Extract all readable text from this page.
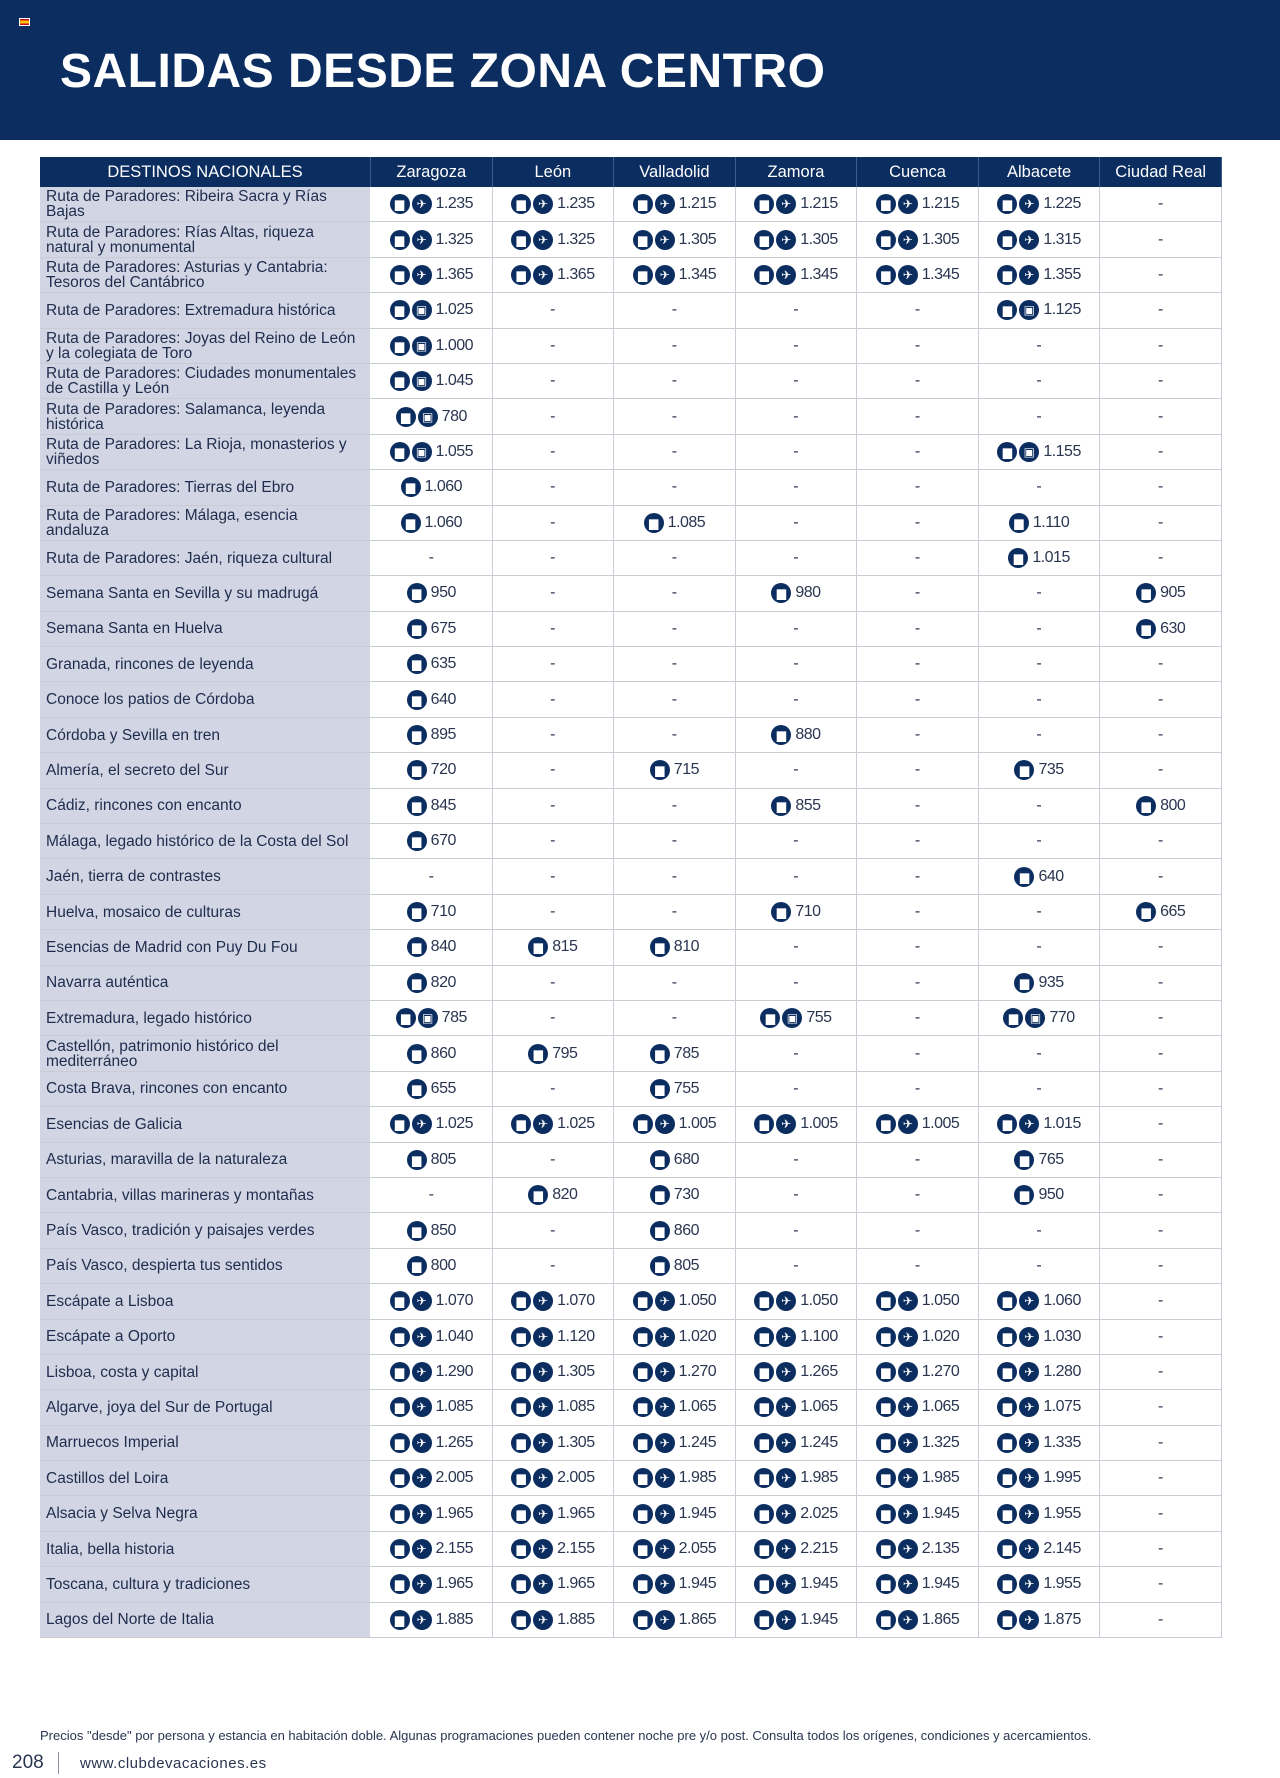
SALIDAS DESDE ZONA CENTRO
DESTINOS NACIONALES	Zaragoza	León	Valladolid	Zamora	Cuenca	Albacete	Ciudad Real
Ruta de Paradores: Ribeira Sacra y Rías Bajas	▆ ✈ 1.235	▆ ✈ 1.235	▆ ✈ 1.215	▆ ✈ 1.215	▆ ✈ 1.215	▆ ✈ 1.225	-

Ruta de Paradores: Rías Altas, riqueza natural y monumental	▆ ✈ 1.325	▆ ✈ 1.325	▆ ✈ 1.305	▆ ✈ 1.305	▆ ✈ 1.305	▆ ✈ 1.315	-

Ruta de Paradores: Asturias y Cantabria: Tesoros del Cantábrico	▆ ✈ 1.365	▆ ✈ 1.365	▆ ✈ 1.345	▆ ✈ 1.345	▆ ✈ 1.345	▆ ✈ 1.355	-

Ruta de Paradores: Extremadura histórica	▆ ▣ 1.025	-	-	-	-	▆ ▣ 1.125	-

Ruta de Paradores: Joyas del Reino de León y la colegiata de Toro	▆ ▣ 1.000	-	-	-	-	-	-

Ruta de Paradores: Ciudades monumentales de Castilla y León	▆ ▣ 1.045	-	-	-	-	-	-

Ruta de Paradores: Salamanca, leyenda histórica	▆ ▣ 780	-	-	-	-	-	-

Ruta de Paradores: La Rioja, monasterios y viñedos	▆ ▣ 1.055	-	-	-	-	▆ ▣ 1.155	-

Ruta de Paradores: Tierras del Ebro	▆ 1.060	-	-	-	-	-	-

Ruta de Paradores: Málaga, esencia andaluza	▆ 1.060	-	▆ 1.085	-	-	▆ 1.110	-

Ruta de Paradores: Jaén, riqueza cultural	-	-	-	-	-	▆ 1.015	-

Semana Santa en Sevilla y su madrugá	▆ 950	-	-	▆ 980	-	-	▆ 905

Semana Santa en Huelva	▆ 675	-	-	-	-	-	▆ 630

Granada, rincones de leyenda	▆ 635	-	-	-	-	-	-

Conoce los patios de Córdoba	▆ 640	-	-	-	-	-	-

Córdoba y Sevilla en tren	▆ 895	-	-	▆ 880	-	-	-

Almería, el secreto del Sur	▆ 720	-	▆ 715	-	-	▆ 735	-

Cádiz, rincones con encanto	▆ 845	-	-	▆ 855	-	-	▆ 800

Málaga, legado histórico de la Costa del Sol	▆ 670	-	-	-	-	-	-

Jaén, tierra de contrastes	-	-	-	-	-	▆ 640	-

Huelva, mosaico de culturas	▆ 710	-	-	▆ 710	-	-	▆ 665

Esencias de Madrid con Puy Du Fou	▆ 840	▆ 815	▆ 810	-	-	-	-

Navarra auténtica	▆ 820	-	-	-	-	▆ 935	-

Extremadura, legado histórico	▆ ▣ 785	-	-	▆ ▣ 755	-	▆ ▣ 770	-

Castellón, patrimonio histórico del mediterráneo	▆ 860	▆ 795	▆ 785	-	-	-	-

Costa Brava, rincones con encanto	▆ 655	-	▆ 755	-	-	-	-

Esencias de Galicia	▆ ✈ 1.025	▆ ✈ 1.025	▆ ✈ 1.005	▆ ✈ 1.005	▆ ✈ 1.005	▆ ✈ 1.015	-

Asturias, maravilla de la naturaleza	▆ 805	-	▆ 680	-	-	▆ 765	-

Cantabria, villas marineras y montañas	-	▆ 820	▆ 730	-	-	▆ 950	-

País Vasco, tradición y paisajes verdes	▆ 850	-	▆ 860	-	-	-	-

País Vasco, despierta tus sentidos	▆ 800	-	▆ 805	-	-	-	-

Escápate a Lisboa	▆ ✈ 1.070	▆ ✈ 1.070	▆ ✈ 1.050	▆ ✈ 1.050	▆ ✈ 1.050	▆ ✈ 1.060	-

Escápate a Oporto	▆ ✈ 1.040	▆ ✈ 1.120	▆ ✈ 1.020	▆ ✈ 1.100	▆ ✈ 1.020	▆ ✈ 1.030	-

Lisboa, costa y capital	▆ ✈ 1.290	▆ ✈ 1.305	▆ ✈ 1.270	▆ ✈ 1.265	▆ ✈ 1.270	▆ ✈ 1.280	-

Algarve, joya del Sur de Portugal	▆ ✈ 1.085	▆ ✈ 1.085	▆ ✈ 1.065	▆ ✈ 1.065	▆ ✈ 1.065	▆ ✈ 1.075	-

Marruecos Imperial	▆ ✈ 1.265	▆ ✈ 1.305	▆ ✈ 1.245	▆ ✈ 1.245	▆ ✈ 1.325	▆ ✈ 1.335	-

Castillos del Loira	▆ ✈ 2.005	▆ ✈ 2.005	▆ ✈ 1.985	▆ ✈ 1.985	▆ ✈ 1.985	▆ ✈ 1.995	-

Alsacia y Selva Negra	▆ ✈ 1.965	▆ ✈ 1.965	▆ ✈ 1.945	▆ ✈ 2.025	▆ ✈ 1.945	▆ ✈ 1.955	-

Italia, bella historia	▆ ✈ 2.155	▆ ✈ 2.155	▆ ✈ 2.055	▆ ✈ 2.215	▆ ✈ 2.135	▆ ✈ 2.145	-

Toscana, cultura y tradiciones	▆ ✈ 1.965	▆ ✈ 1.965	▆ ✈ 1.945	▆ ✈ 1.945	▆ ✈ 1.945	▆ ✈ 1.955	-

Lagos del Norte de Italia	▆ ✈ 1.885	▆ ✈ 1.885	▆ ✈ 1.865	▆ ✈ 1.945	▆ ✈ 1.865	▆ ✈ 1.875	-
Precios "desde" por persona y estancia en habitación doble. Algunas programaciones pueden contener noche pre y/o post. Consulta todos los orígenes, condiciones y acercamientos.
208	www.clubdevacaciones.es
